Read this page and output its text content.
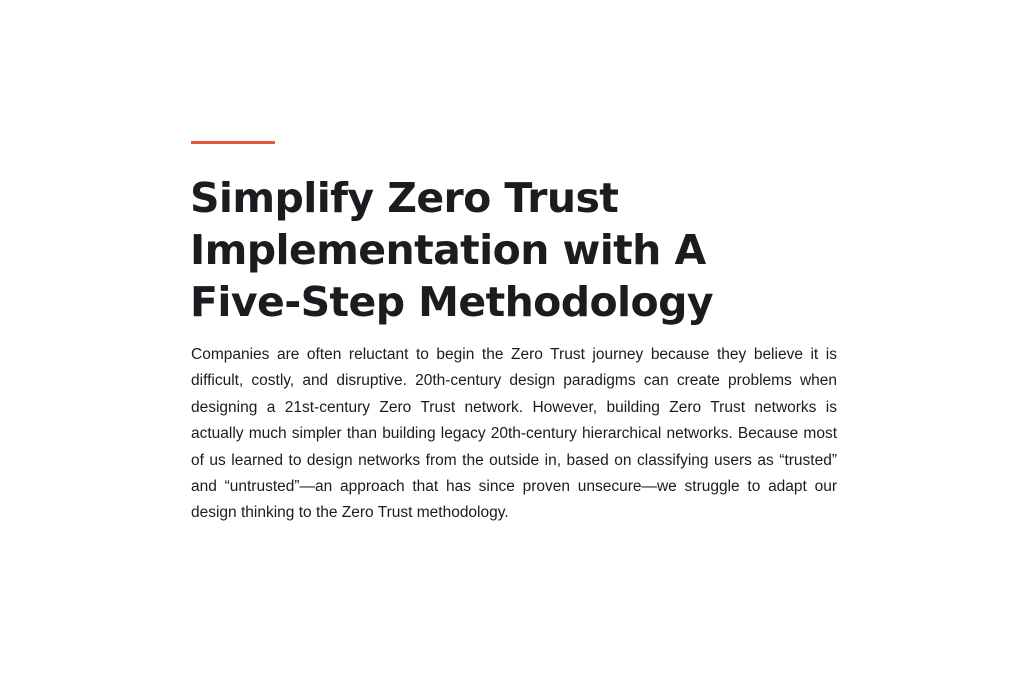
Simplify Zero Trust
Implementation with A
Five-Step Methodology

Companies are often reluctant to begin the Zero Trust journey because they believe it is difficult, costly, and disruptive. 20th-century design paradigms can create problems when designing a 21st-century Zero Trust network. However, building Zero Trust networks is actually much simpler than building legacy 20th-century hierarchical networks. Because most of us learned to design networks from the outside in, based on classifying users as “trusted” and “untrusted”—an approach that has since proven unsecure—we struggle to adapt our design thinking to the Zero Trust methodology.
